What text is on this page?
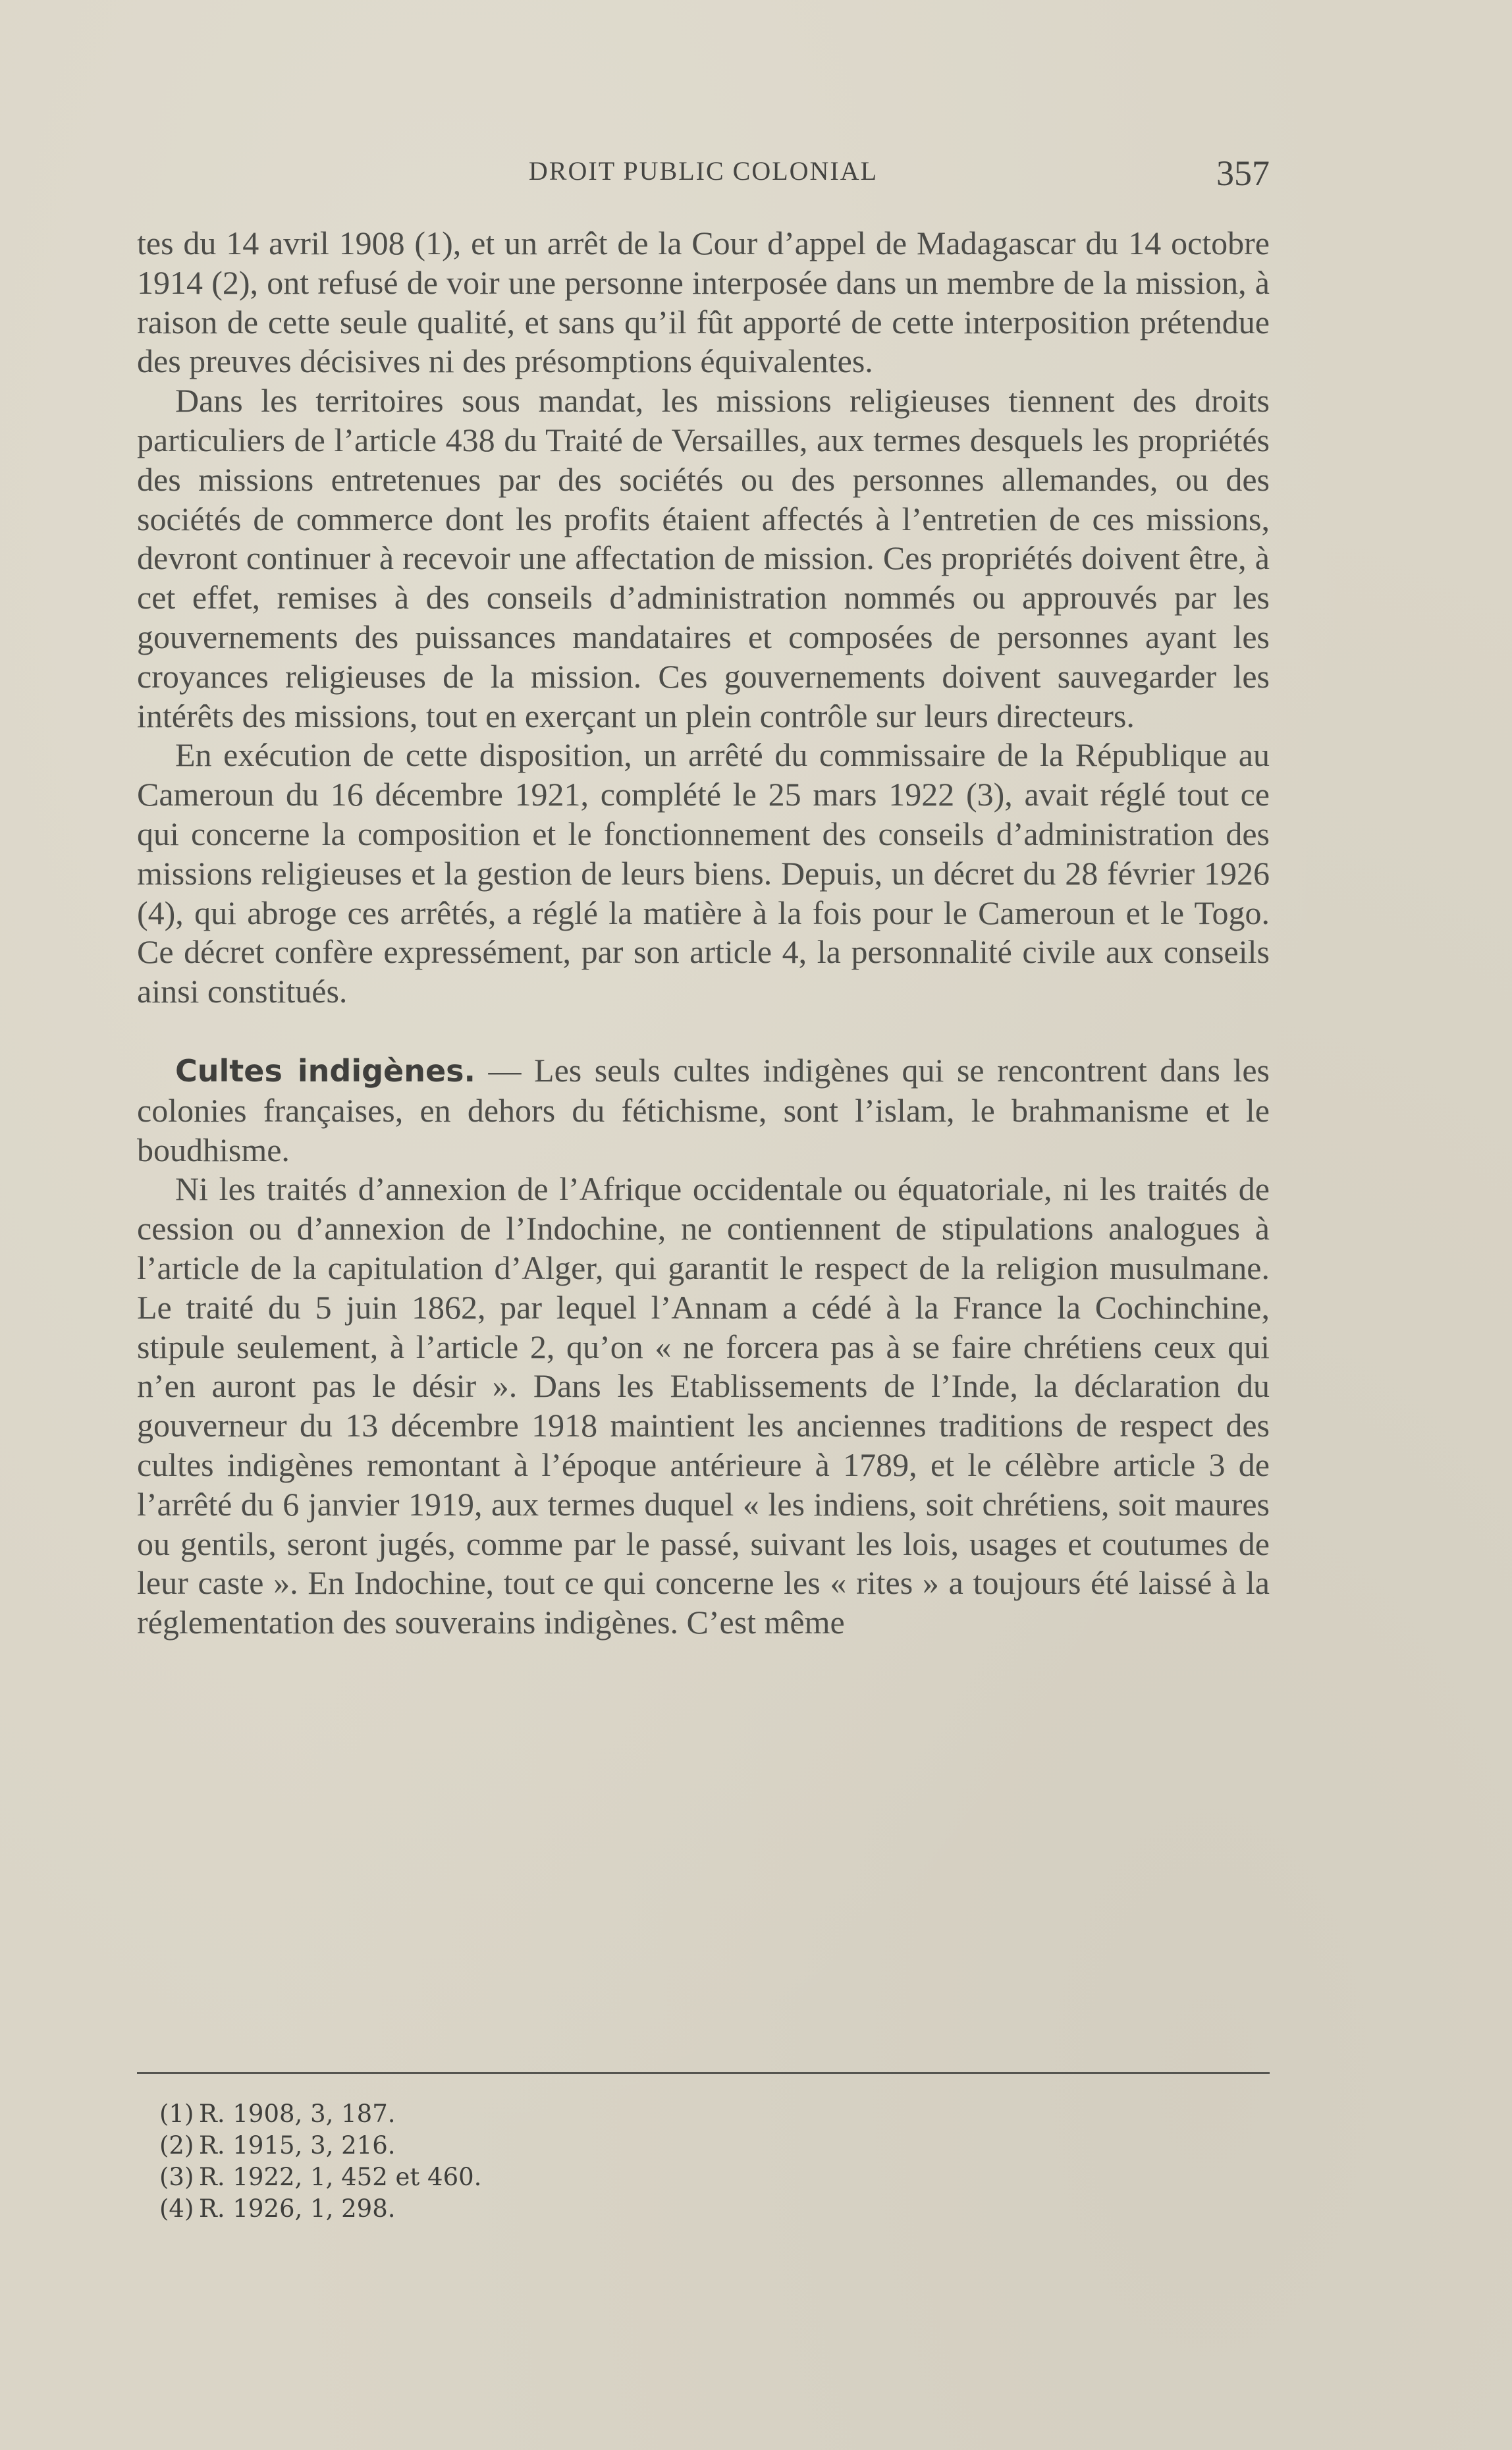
DROIT PUBLIC COLONIAL	357

tes du 14 avril 1908 (1), et un arrêt de la Cour d’appel de Madagascar du 14 octobre 1914 (2), ont refusé de voir une personne interposée dans un membre de la mission, à raison de cette seule qualité, et sans qu’il fût apporté de cette interposition prétendue des preuves décisives ni des présomptions équivalentes.

Dans les territoires sous mandat, les missions religieuses tiennent des droits particuliers de l’article 438 du Traité de Versailles, aux termes desquels les propriétés des missions entretenues par des sociétés ou des personnes allemandes, ou des sociétés de commerce dont les profits étaient affectés à l’entretien de ces missions, devront continuer à recevoir une affectation de mission. Ces propriétés doivent être, à cet effet, remises à des conseils d’administration nommés ou approuvés par les gouvernements des puissances mandataires et composées de personnes ayant les croyances religieuses de la mission. Ces gouvernements doivent sauvegarder les intérêts des missions, tout en exerçant un plein contrôle sur leurs directeurs.

En exécution de cette disposition, un arrêté du commissaire de la République au Cameroun du 16 décembre 1921, complété le 25 mars 1922 (3), avait réglé tout ce qui concerne la composition et le fonctionnement des conseils d’administration des missions religieuses et la gestion de leurs biens. Depuis, un décret du 28 février 1926 (4), qui abroge ces arrêtés, a réglé la matière à la fois pour le Cameroun et le Togo. Ce décret confère expressément, par son article 4, la personnalité civile aux conseils ainsi constitués.

Cultes indigènes. — Les seuls cultes indigènes qui se rencontrent dans les colonies françaises, en dehors du fétichisme, sont l’islam, le brahmanisme et le boudhisme.

Ni les traités d’annexion de l’Afrique occidentale ou équatoriale, ni les traités de cession ou d’annexion de l’Indochine, ne contiennent de stipulations analogues à l’article de la capitulation d’Alger, qui garantit le respect de la religion musulmane. Le traité du 5 juin 1862, par lequel l’Annam a cédé à la France la Cochinchine, stipule seulement, à l’article 2, qu’on « ne forcera pas à se faire chrétiens ceux qui n’en auront pas le désir ». Dans les Etablissements de l’Inde, la déclaration du gouverneur du 13 décembre 1918 maintient les anciennes traditions de respect des cultes indigènes remontant à l’époque antérieure à 1789, et le célèbre article 3 de l’arrêté du 6 janvier 1919, aux termes duquel « les indiens, soit chrétiens, soit maures ou gentils, seront jugés, comme par le passé, suivant les lois, usages et coutumes de leur caste ». En Indochine, tout ce qui concerne les « rites » a toujours été laissé à la réglementation des souverains indigènes. C’est même

(1) R. 1908, 3, 187.
(2) R. 1915, 3, 216.
(3) R. 1922, 1, 452 et 460.
(4) R. 1926, 1, 298.
